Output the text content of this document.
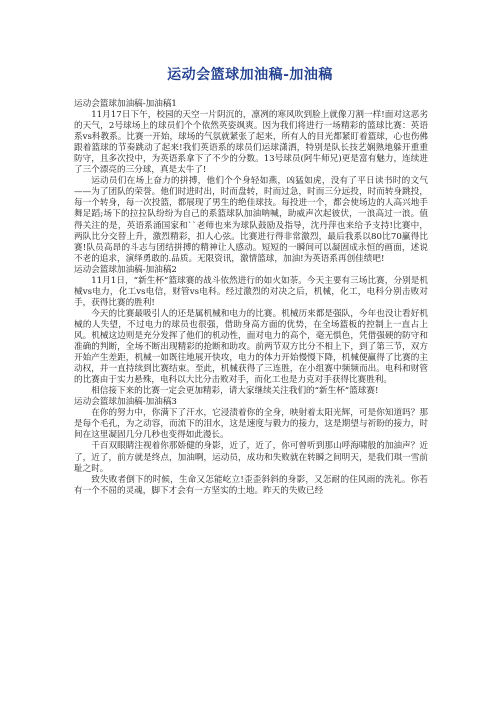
运动会篮球加油稿-加油稿

运动会篮球加油稿-加油稿1

11月17日下午，校园的天空一片阴沉的，凛冽的寒风吹到脸上就像刀割一样!面对这恶劣的天气，2号球场上的球员们个个依然英姿飒爽。因为我们将进行一场精彩的篮球比赛：英语系vs科教系。比赛一开始，球场的气氛就紧张了起来，所有人的目光都紧盯着篮球，心也伤佛跟着篮球的节奏跳动了起来!我们英语系的球员们运球潇洒，特别是队长技艺娴熟地躲开重重防守，且多次投中，为英语系拿下了不少的分数。13号球员(阿牛师兄)更是富有魅力，连续进了三个漂亮的三分球，真是太牛了!

运动员们在场上奋力的拼搏，他们个个身轻如燕，凶猛如虎，没有了平日读书时的文气——为了团队的荣誉。他们时进时出，时而盘转，时而过急，时而三分远投，时而转身跳投，每一个转身，每一次投篮，都展现了男生的绝佳球技。每投进一个，都会使场边的人高兴地手舞足蹈;场下的拉拉队纷纷为自己的系篮球队加油呐喊，助威声次起彼伏，一浪高过一浪。值得关注的是，英语系涌国家和``老师也来为球队鼓励及指导，沈丹萍也来给予支持!比赛中，两队比分交替上升，激烈精彩，扣人心弦。比赛进行得非常激烈，最后我系以80比70赢得比赛!队员高昂的斗志与团结拼搏的精神让人感动。短短的一瞬间可以凝固成永恒的画面，述说不老的追求，演绎勇敢的.品质。无限资讯，激情篮球，加油!为英语系再创佳绩吧!

运动会篮球加油稿-加油稿2

11月1日，“新生杯”篮球赛的战斗依然进行的如火如荼。今天主要有三场比赛，分别是机械vs电力，化工vs电信，财管vs电科。经过激烈的对决之后，机械，化工，电科分别击败对手，获得比赛的胜利!

今天的比赛最吸引人的还是属机械和电力的比赛。机械历来都是强队，今年也没让看好机械的人失望，不过电力的球员也很强，借助身高方面的优势，在全场篮板的控制上一直占上风。机械这边则是充分发挥了他们的机动性，面对电力的高个，毫无惧色，凭借强硬的防守和准确的判断，全场不断出现精彩的抢断和助攻。前两节双方比分不相上下，到了第三节，双方开始产生差距，机械一如既往地展开快攻，电力的体力开始慢慢下降，机械便赢得了比赛的主动权，并一直持续到比赛结束。至此，机械获得了三连胜，在小组赛中频频而出。电科和财管的比赛由于实力悬殊，电科以大比分击败对手，而化工也是力克对手获得比赛胜利。

相信接下来的比赛一定会更加精彩，请大家继续关注我们的“新生杯”篮球赛!

运动会篮球加油稿-加油稿3

在你的努力中，你满下了汗水，它浸渍着你的全身，映射着太阳光辉，可是你知道吗？那是每个毛孔，为之动容，而流下的泪水，这是速度与毅力的接力，这是期望与祈盼的接力，时间在这里凝固几分几秒也变得如此漫长。

千百双眼睛注视着你那娇健的身影，近了，近了，你可曾听到那山呼海啸般的加油声？近了，近了，前方就是终点，加油啊，运动员，成功和失败就在转瞬之间明天，是我们琪一雪前耻之时。

致失败者倒下的时候，生命又怎能屹立!歪歪斜斜的身影，又怎耐的住风雨的洗礼。你若有一个不屈的灵魂，脚下才会有一方坚实的土地。昨天的失败已经
